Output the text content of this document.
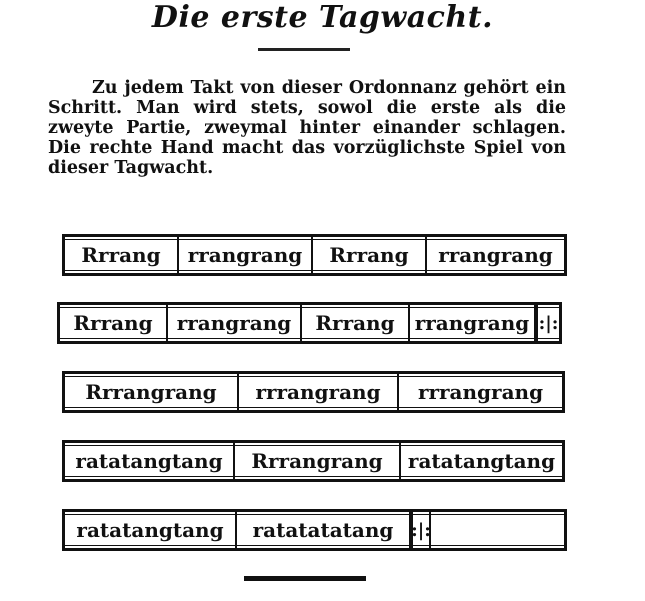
Die erste Tagwacht.

Zu jedem Takt von dieser Ordonnanz gehört ein Schritt. Man wird stets, sowol die erste als die zweyte Partie, zweymal hinter einander schlagen. Die rechte Hand macht das vorzüglichste Spiel von dieser Tagwacht.

Rrrang	rrangrang	Rrrang	rrangrang
Rrrang	rrangrang	Rrrang	rrangrang :|:
Rrrangrang	rrrangrang	rrrangrang
ratatangtang	Rrrangrang	ratatangtang
ratatangtang	ratatatatang :|:
